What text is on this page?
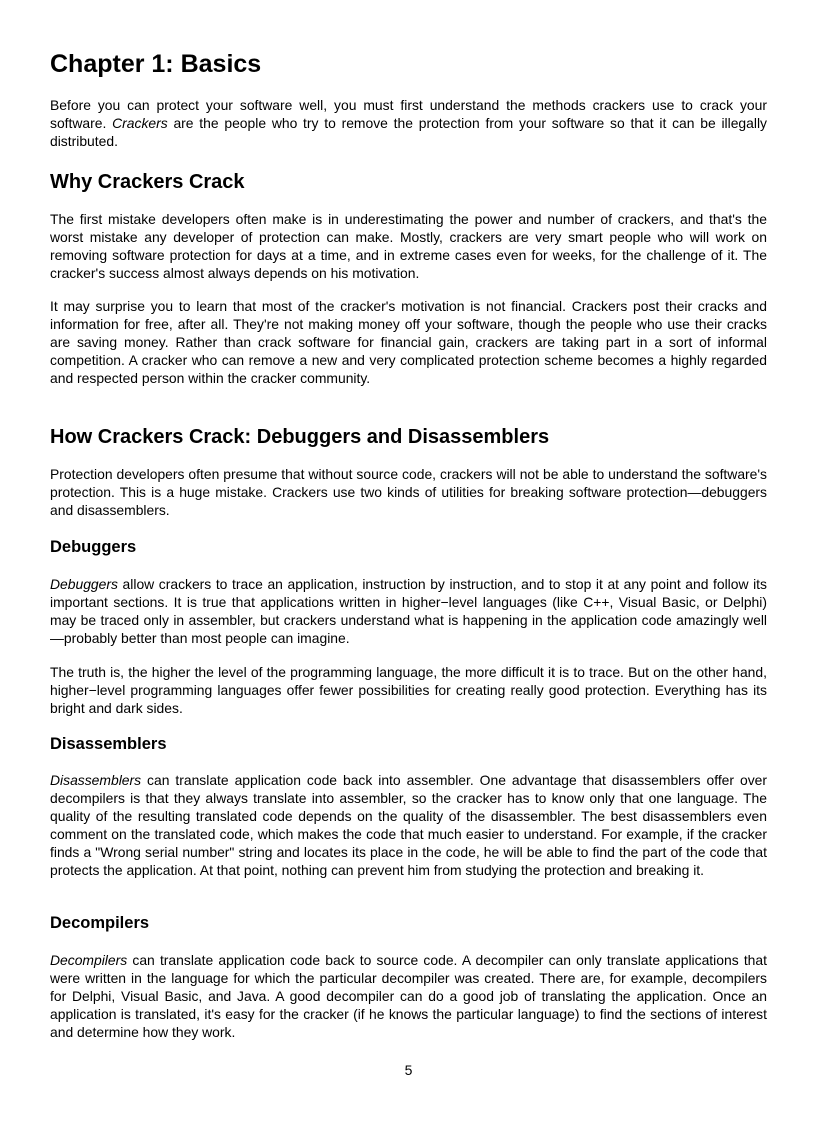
Chapter 1: Basics

Before you can protect your software well, you must first understand the methods crackers use to crack your software. Crackers are the people who try to remove the protection from your software so that it can be illegally distributed.

Why Crackers Crack

The first mistake developers often make is in underestimating the power and number of crackers, and that's the worst mistake any developer of protection can make. Mostly, crackers are very smart people who will work on removing software protection for days at a time, and in extreme cases even for weeks, for the challenge of it. The cracker's success almost always depends on his motivation.

It may surprise you to learn that most of the cracker's motivation is not financial. Crackers post their cracks and information for free, after all. They're not making money off your software, though the people who use their cracks are saving money. Rather than crack software for financial gain, crackers are taking part in a sort of informal competition. A cracker who can remove a new and very complicated protection scheme becomes a highly regarded and respected person within the cracker community.

How Crackers Crack: Debuggers and Disassemblers

Protection developers often presume that without source code, crackers will not be able to understand the software's protection. This is a huge mistake. Crackers use two kinds of utilities for breaking software protection—debuggers and disassemblers.

Debuggers

Debuggers allow crackers to trace an application, instruction by instruction, and to stop it at any point and follow its important sections. It is true that applications written in higher−level languages (like C++, Visual Basic, or Delphi) may be traced only in assembler, but crackers understand what is happening in the application code amazingly well—probably better than most people can imagine.

The truth is, the higher the level of the programming language, the more difficult it is to trace. But on the other hand, higher−level programming languages offer fewer possibilities for creating really good protection. Everything has its bright and dark sides.

Disassemblers

Disassemblers can translate application code back into assembler. One advantage that disassemblers offer over decompilers is that they always translate into assembler, so the cracker has to know only that one language. The quality of the resulting translated code depends on the quality of the disassembler. The best disassemblers even comment on the translated code, which makes the code that much easier to understand. For example, if the cracker finds a "Wrong serial number" string and locates its place in the code, he will be able to find the part of the code that protects the application. At that point, nothing can prevent him from studying the protection and breaking it.

Decompilers

Decompilers can translate application code back to source code. A decompiler can only translate applications that were written in the language for which the particular decompiler was created. There are, for example, decompilers for Delphi, Visual Basic, and Java. A good decompiler can do a good job of translating the application. Once an application is translated, it's easy for the cracker (if he knows the particular language) to find the sections of interest and determine how they work.

5
